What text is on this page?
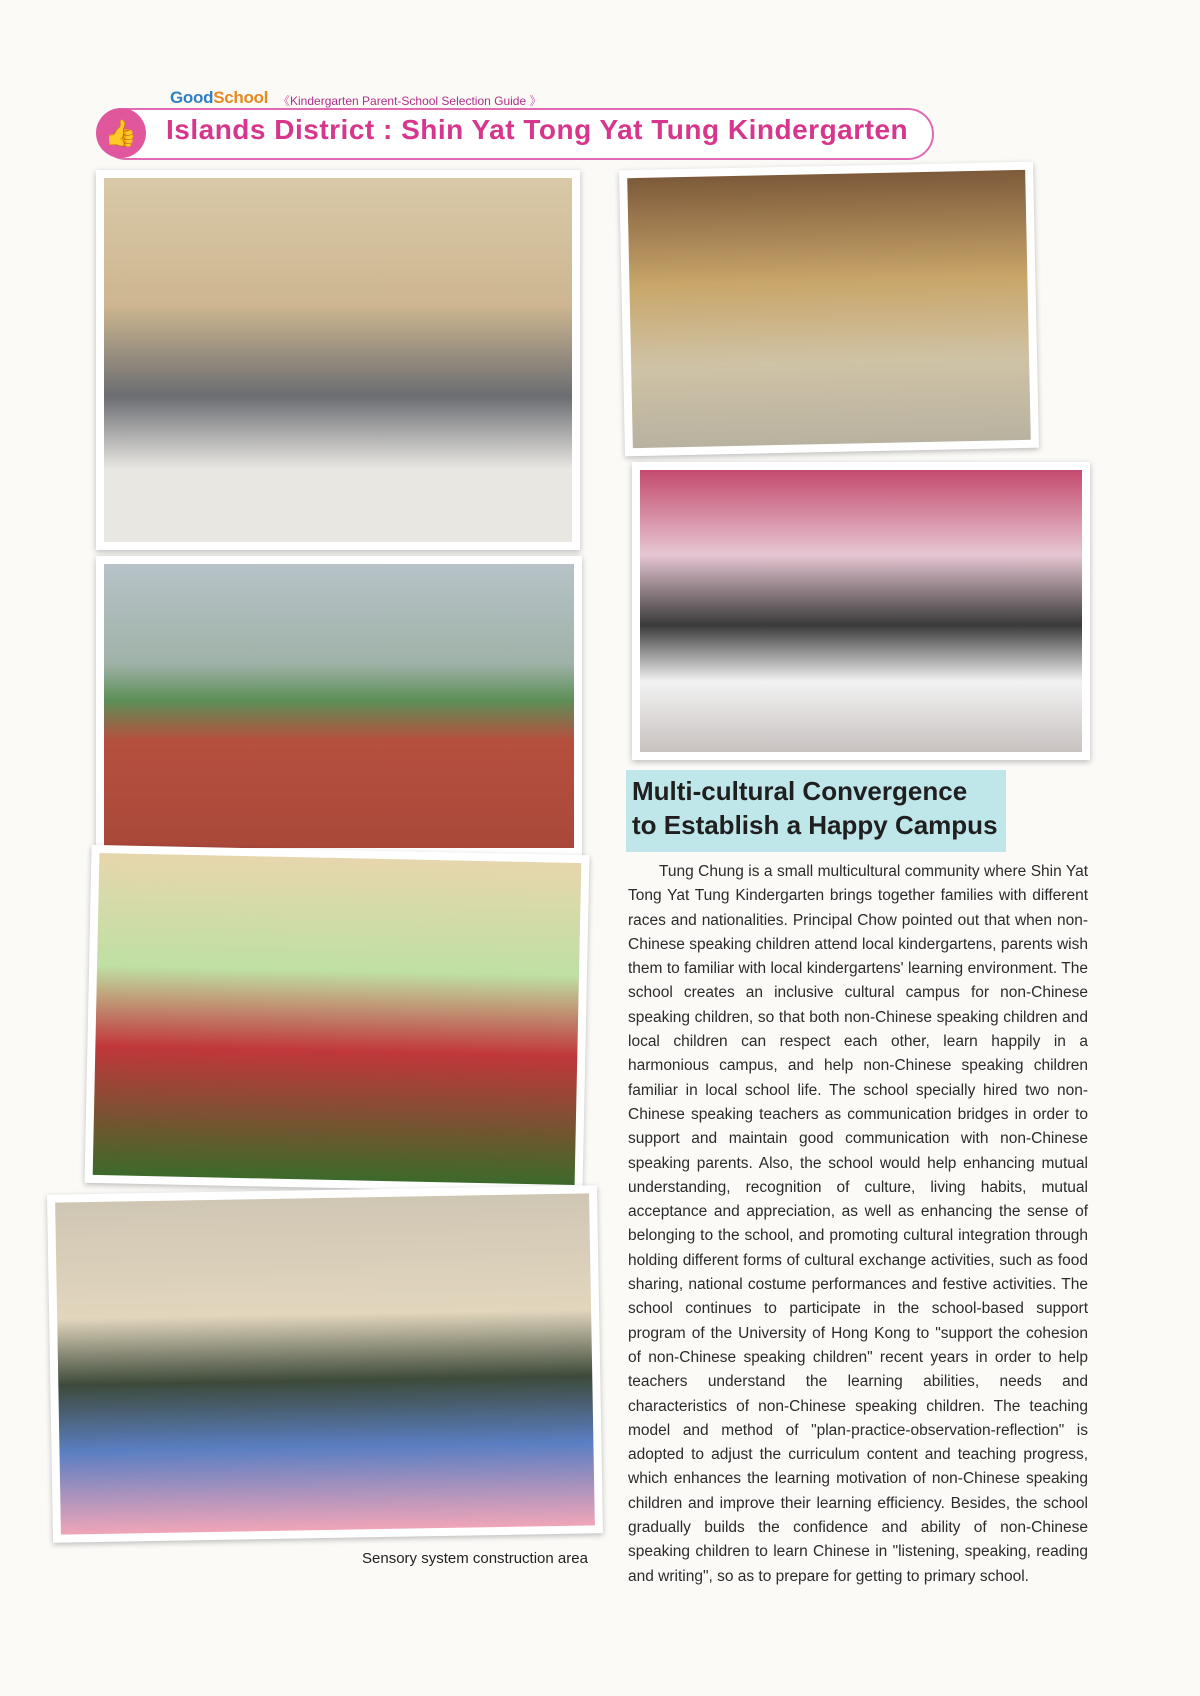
GoodSchool 《Kindergarten Parent-School Selection Guide 》
👍	Islands District : Shin Yat Tong Yat Tung Kindergarten
Sensory system construction area
Multi-cultural Convergence
to Establish a Happy Campus
Tung Chung is a small multicultural community where Shin Yat Tong Yat Tung Kindergarten brings together families with different races and nationalities. Principal Chow pointed out that when non-Chinese speaking children attend local kindergartens, parents wish them to familiar with local kindergartens' learning environment. The school creates an inclusive cultural campus for non-Chinese speaking children, so that both non-Chinese speaking children and local children can respect each other, learn happily in a harmonious campus, and help non-Chinese speaking children familiar in local school life. The school specially hired two non-Chinese speaking teachers as communication bridges in order to support and maintain good communication with non-Chinese speaking parents. Also, the school would help enhancing mutual understanding, recognition of culture, living habits, mutual acceptance and appreciation, as well as enhancing the sense of belonging to the school, and promoting cultural integration through holding different forms of cultural exchange activities, such as food sharing, national costume performances and festive activities. The school continues to participate in the school-based support program of the University of Hong Kong to "support the cohesion of non-Chinese speaking children" recent years in order to help teachers understand the learning abilities, needs and characteristics of non-Chinese speaking children. The teaching model and method of "plan-practice-observation-reflection" is adopted to adjust the curriculum content and teaching progress, which enhances the learning motivation of non-Chinese speaking children and improve their learning efficiency. Besides, the school gradually builds the confidence and ability of non-Chinese speaking children to learn Chinese in "listening, speaking, reading and writing", so as to prepare for getting to primary school.
